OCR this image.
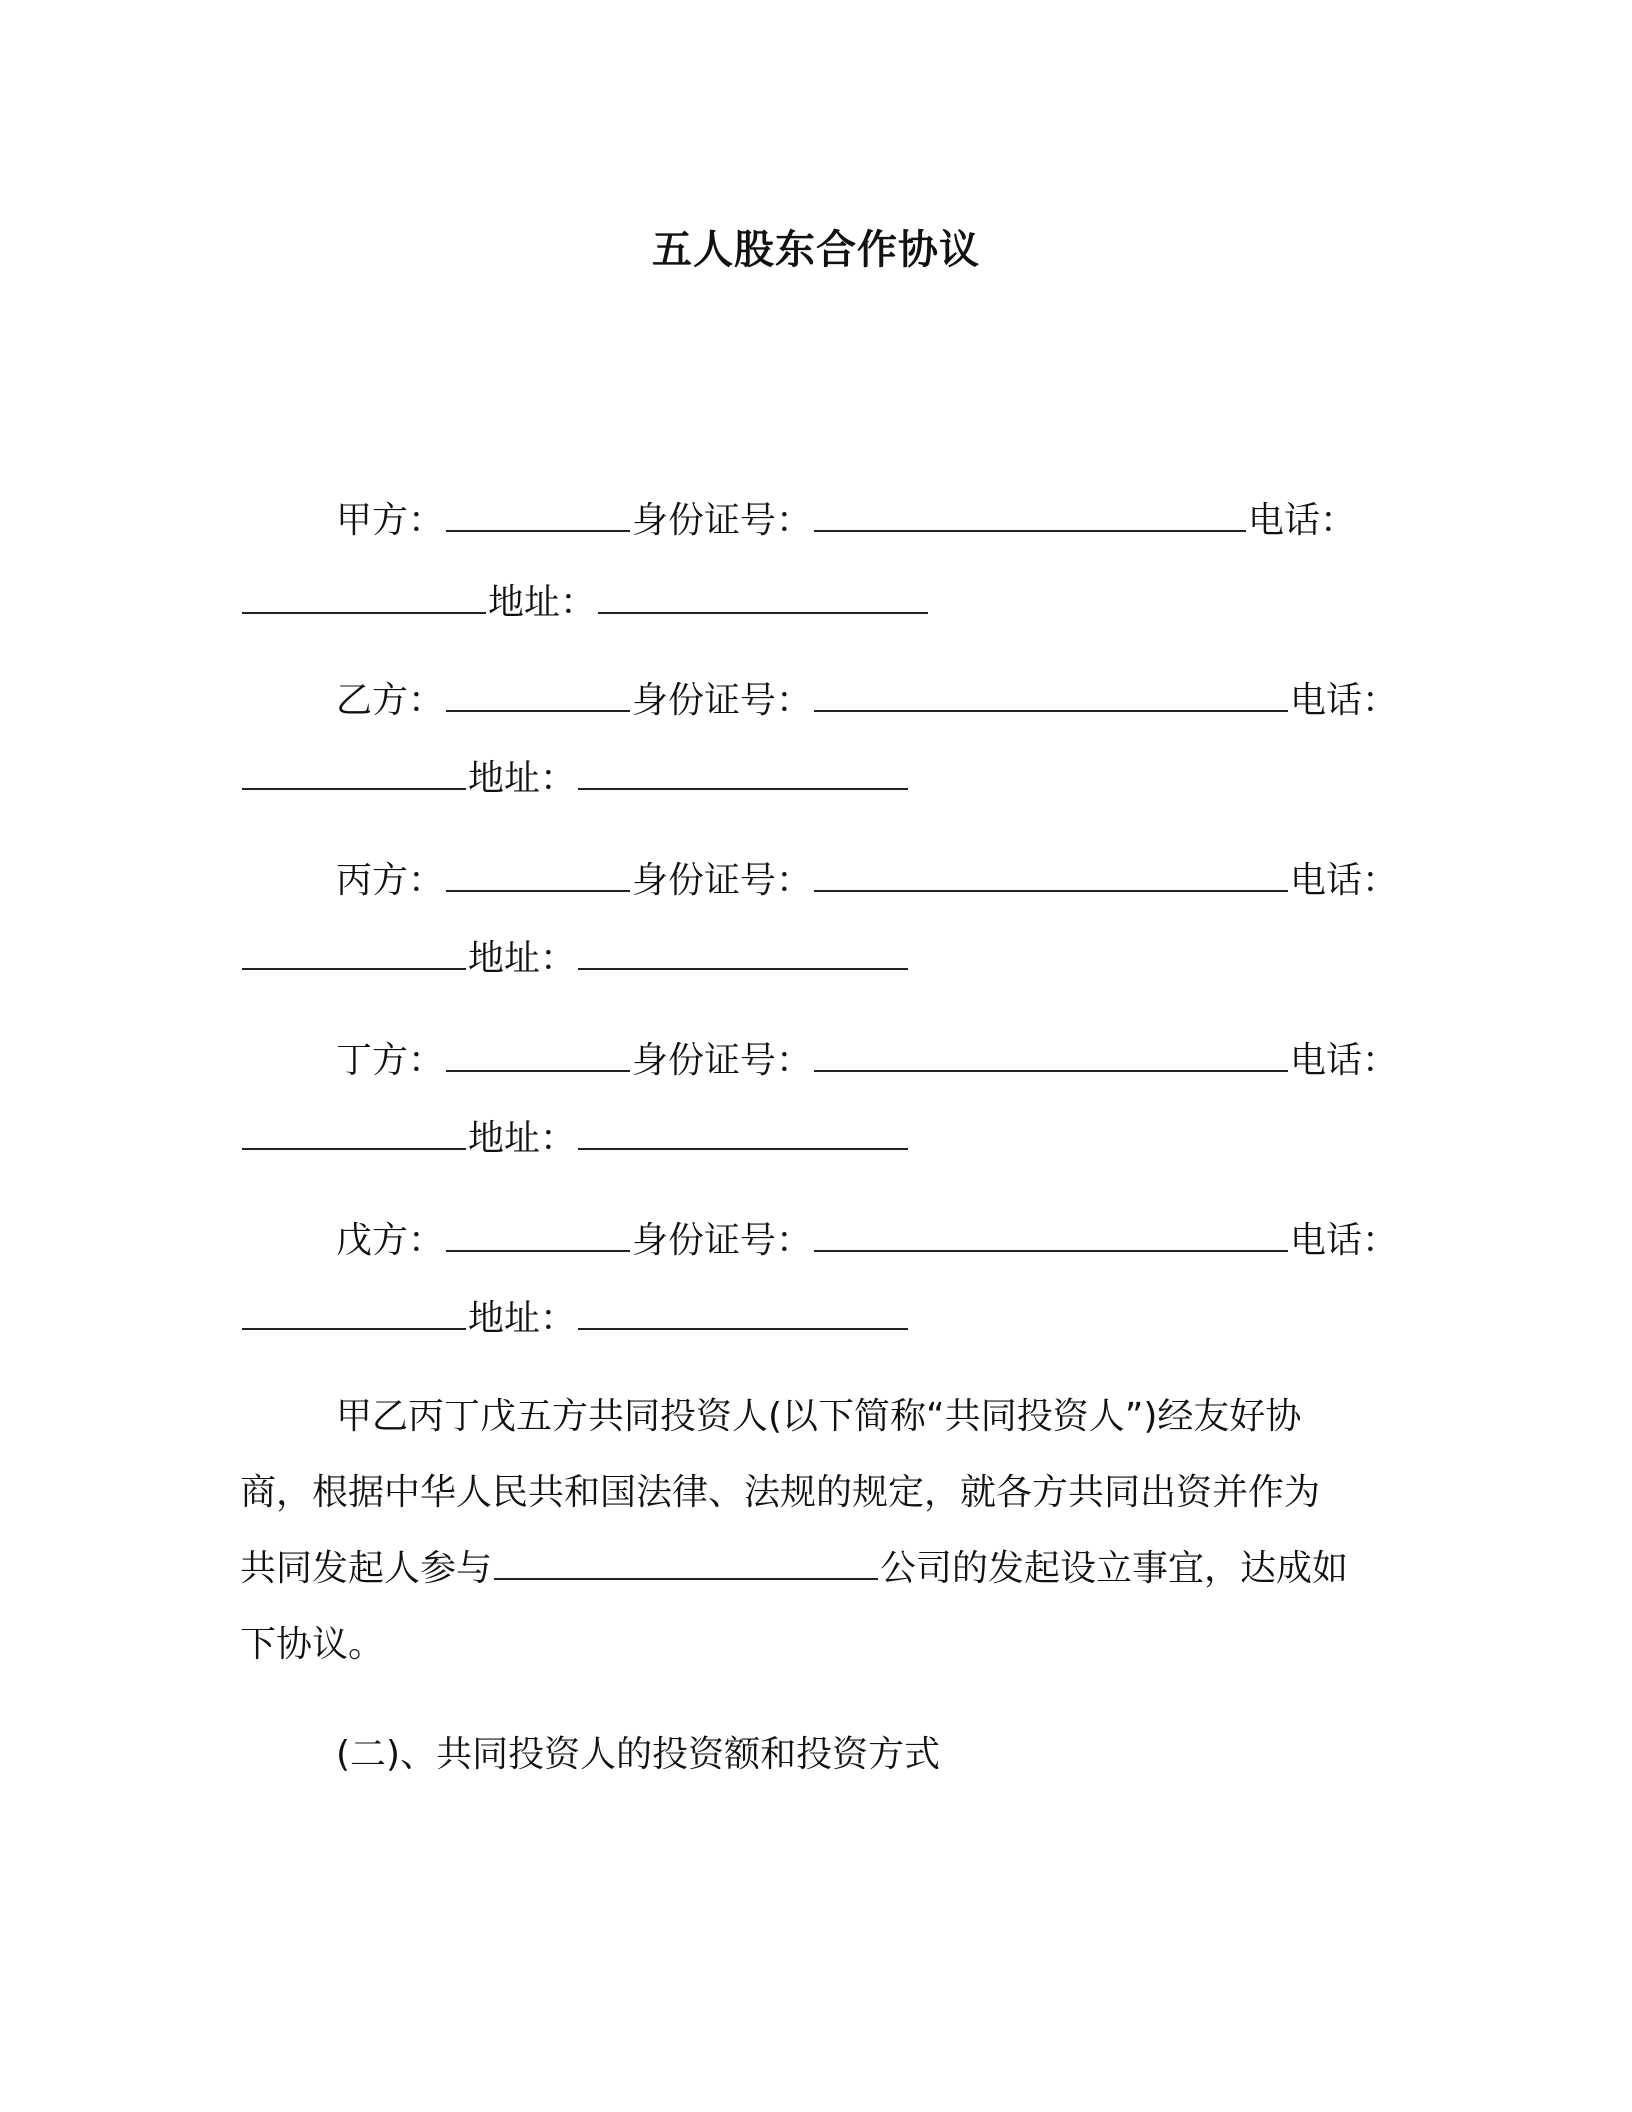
五人股东合作协议
甲方：	身份证号：	电话：
地址：
乙方：	身份证号：	电话：
地址：
丙方：	身份证号：	电话：
地址：
丁方：	身份证号：	电话：
地址：
戊方：	身份证号：	电话：
地址：
甲乙丙丁戊五方共同投资人(以下简称“共同投资人”)经友好协
商，根据中华人民共和国法律、法规的规定，就各方共同出资并作为
共同发起人参与	公司的发起设立事宜，达成如
下协议。
(二)、共同投资人的投资额和投资方式
